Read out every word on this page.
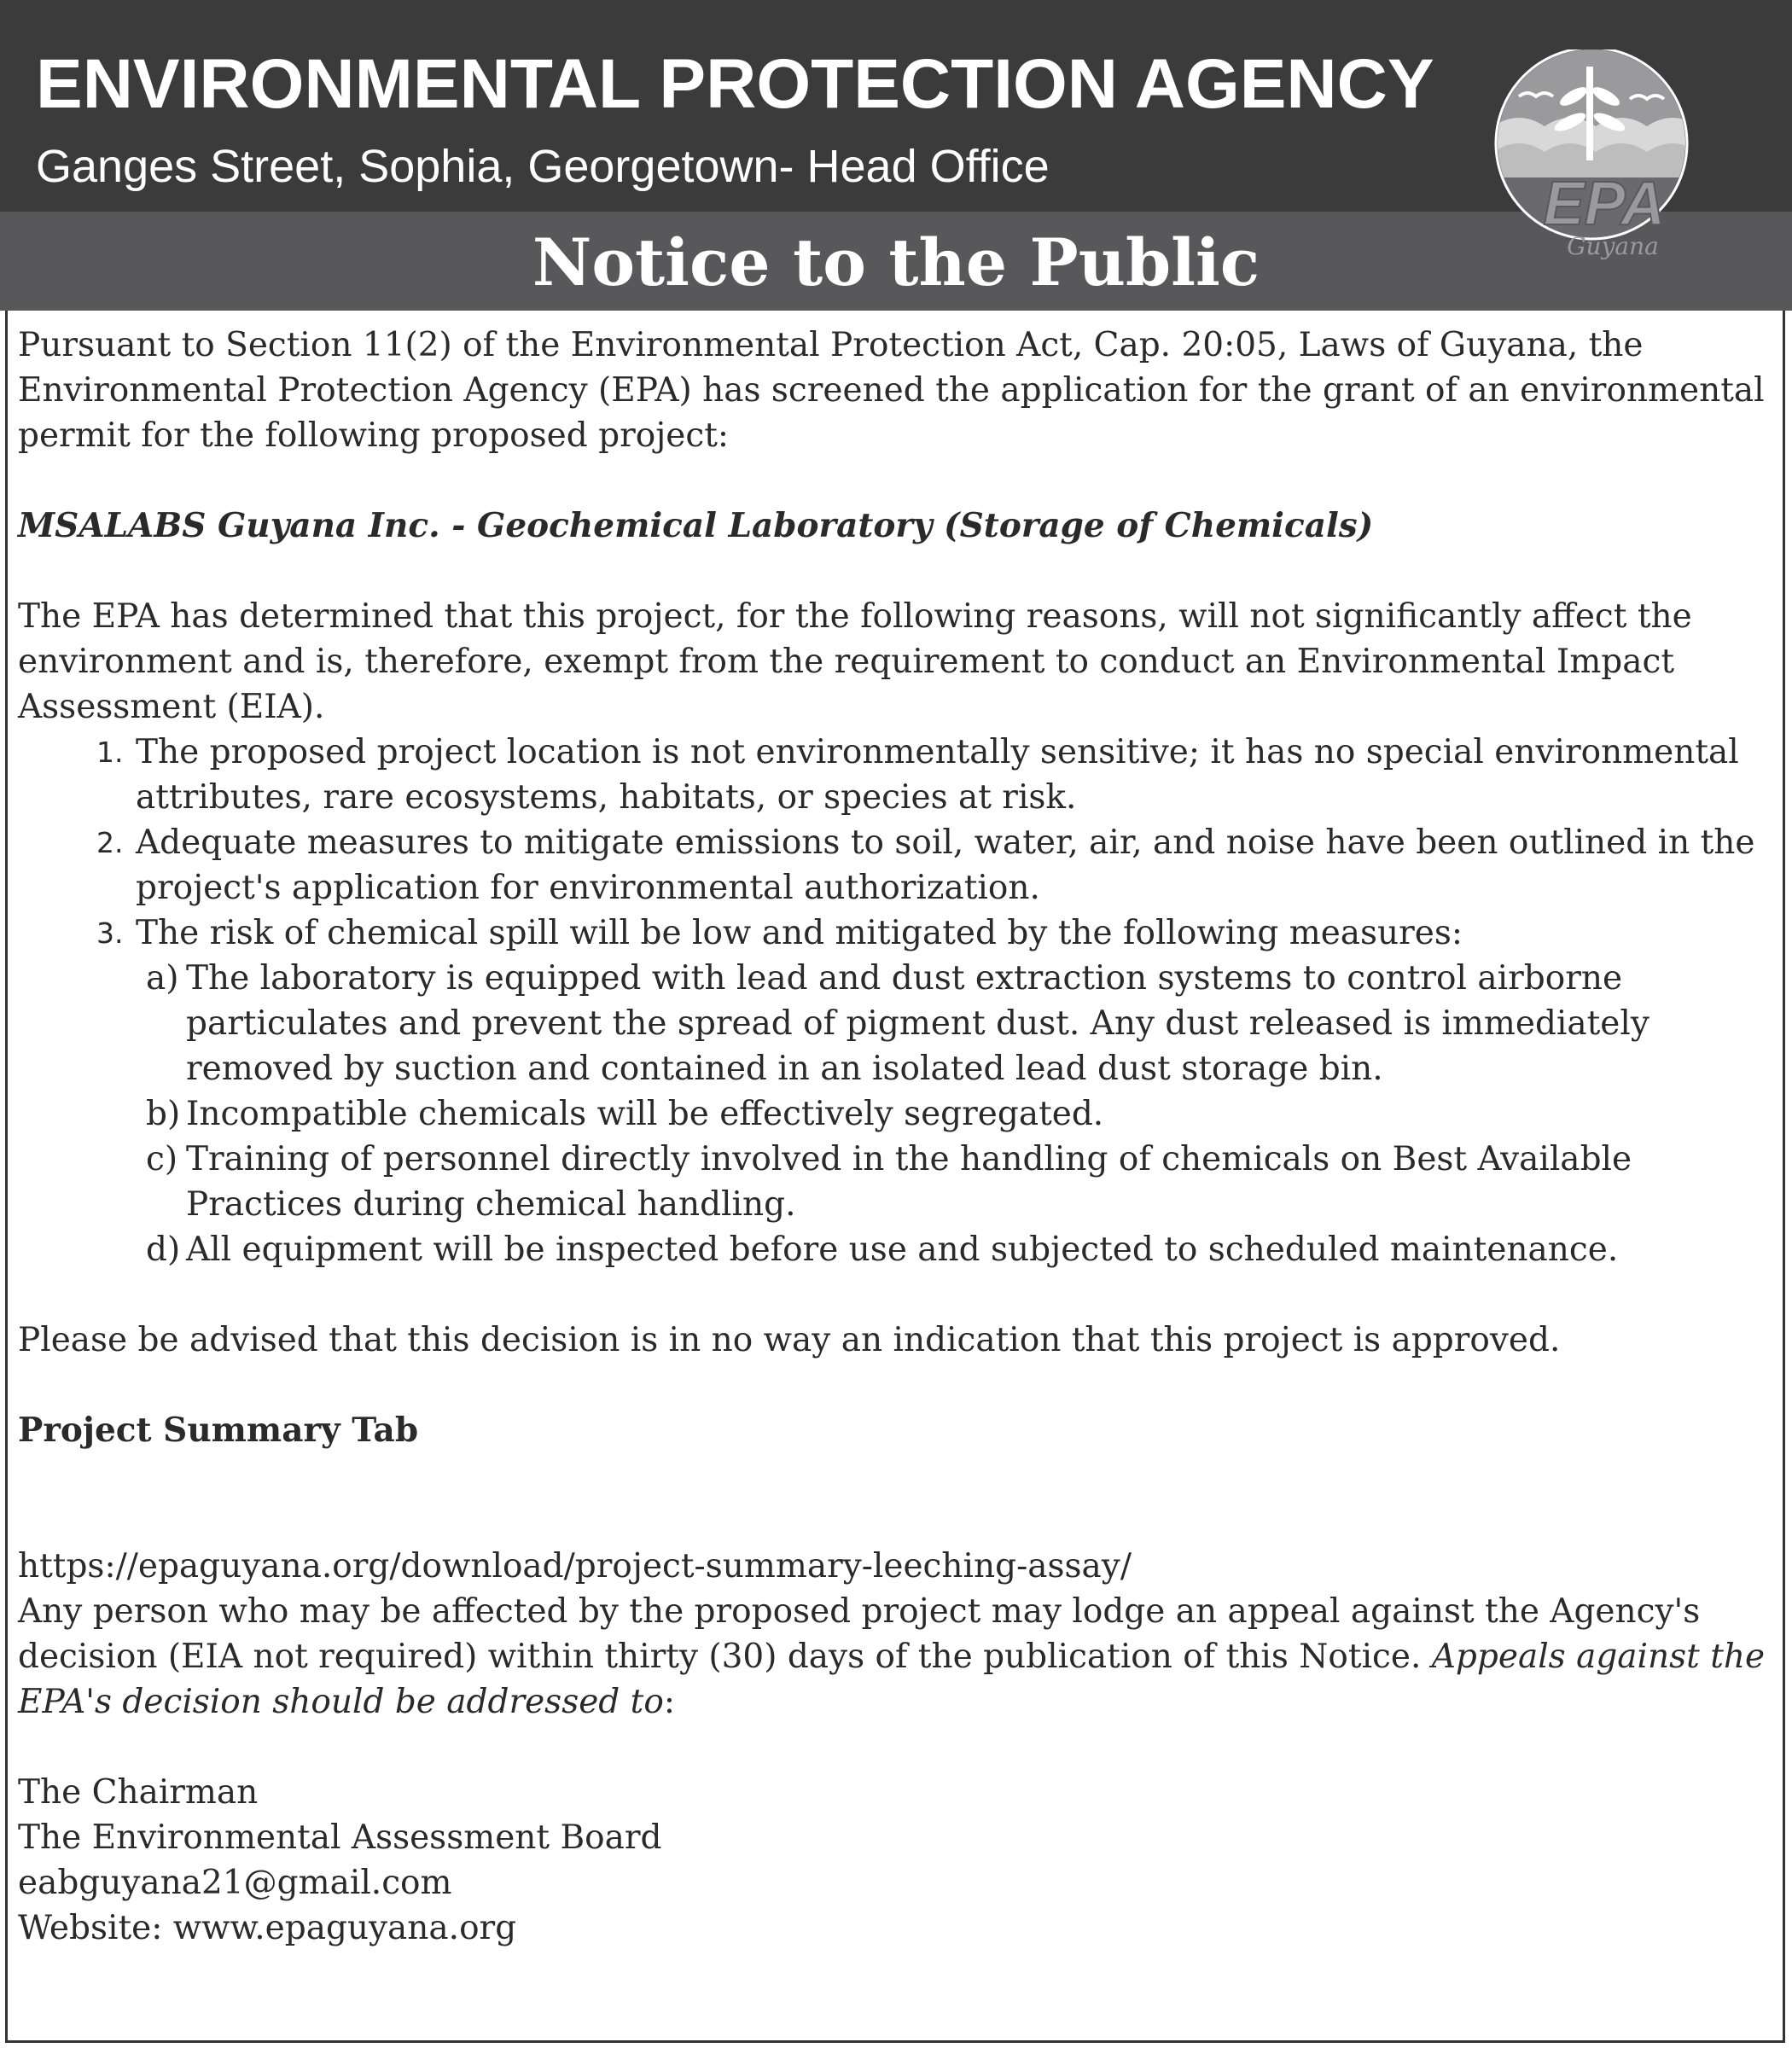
ENVIRONMENTAL PROTECTION AGENCY
Ganges Street, Sophia, Georgetown- Head Office
Notice to the Public
EPA
Guyana

Pursuant to Section 11(2) of the Environmental Protection Act, Cap. 20:05, Laws of Guyana, the Environmental Protection Agency (EPA) has screened the application for the grant of an environmental permit for the following proposed project:

MSALABS Guyana Inc. - Geochemical Laboratory (Storage of Chemicals)

The EPA has determined that this project, for the following reasons, will not significantly affect the environment and is, therefore, exempt from the requirement to conduct an Environmental Impact Assessment (EIA).

1. The proposed project location is not environmentally sensitive; it has no special environmental attributes, rare ecosystems, habitats, or species at risk.
2. Adequate measures to mitigate emissions to soil, water, air, and noise have been outlined in the project's application for environmental authorization.
3. The risk of chemical spill will be low and mitigated by the following measures:
a) The laboratory is equipped with lead and dust extraction systems to control airborne particulates and prevent the spread of pigment dust. Any dust released is immediately removed by suction and contained in an isolated lead dust storage bin.
b) Incompatible chemicals will be effectively segregated.
c) Training of personnel directly involved in the handling of chemicals on Best Available Practices during chemical handling.
d) All equipment will be inspected before use and subjected to scheduled maintenance.

Please be advised that this decision is in no way an indication that this project is approved.

Project Summary Tab

https://epaguyana.org/download/project-summary-leeching-assay/

Any person who may be affected by the proposed project may lodge an appeal against the Agency's decision (EIA not required) within thirty (30) days of the publication of this Notice. Appeals against the EPA's decision should be addressed to:

The Chairman

The Environmental Assessment Board

eabguyana21@gmail.com

Website: www.epaguyana.org
